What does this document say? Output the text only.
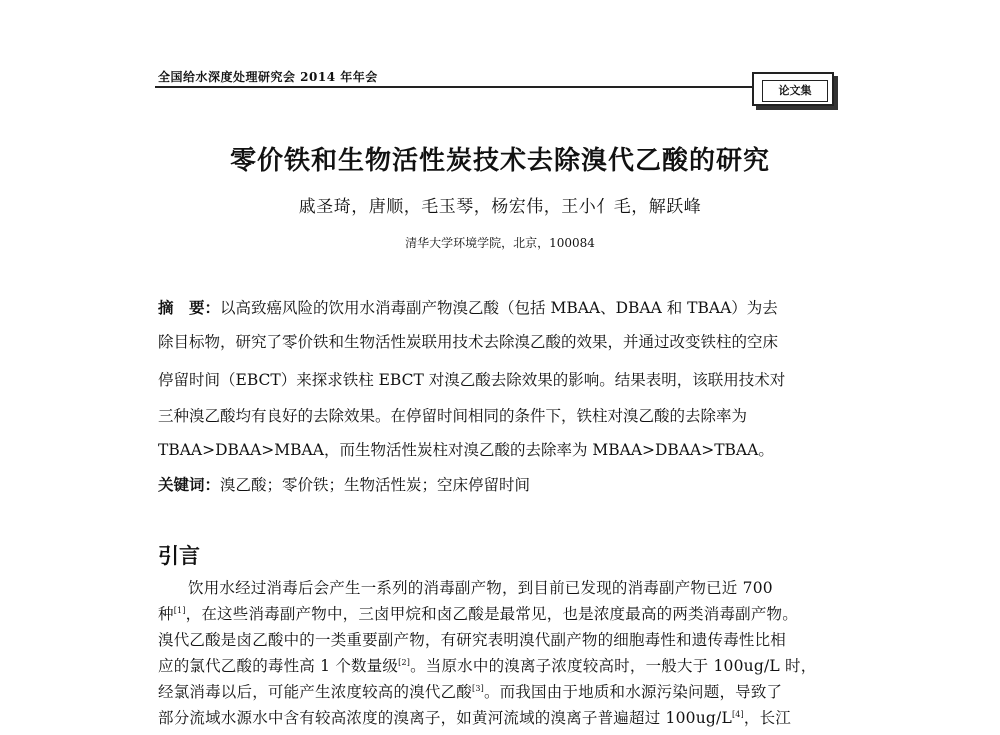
全国给水深度处理研究会 2014 年年会
论文集
零价铁和生物活性炭技术去除溴代乙酸的研究
戚圣琦，唐顺，毛玉琴，杨宏伟，王小亻毛，解跃峰
清华大学环境学院，北京，100084
摘　要：以高致癌风险的饮用水消毒副产物溴乙酸（包括 MBAA、DBAA 和 TBAA）为去
除目标物，研究了零价铁和生物活性炭联用技术去除溴乙酸的效果，并通过改变铁柱的空床
停留时间（EBCT）来探求铁柱 EBCT 对溴乙酸去除效果的影响。结果表明，该联用技术对
三种溴乙酸均有良好的去除效果。在停留时间相同的条件下，铁柱对溴乙酸的去除率为
TBAA>DBAA>MBAA，而生物活性炭柱对溴乙酸的去除率为 MBAA>DBAA>TBAA。
关键词：溴乙酸；零价铁；生物活性炭；空床停留时间
引言
饮用水经过消毒后会产生一系列的消毒副产物，到目前已发现的消毒副产物已近 700
种[1]，在这些消毒副产物中，三卤甲烷和卤乙酸是最常见，也是浓度最高的两类消毒副产物。
溴代乙酸是卤乙酸中的一类重要副产物，有研究表明溴代副产物的细胞毒性和遗传毒性比相
应的氯代乙酸的毒性高 1 个数量级[2]。当原水中的溴离子浓度较高时，一般大于 100ug/L 时，
经氯消毒以后，可能产生浓度较高的溴代乙酸[3]。而我国由于地质和水源污染问题，导致了
部分流域水源水中含有较高浓度的溴离子，如黄河流域的溴离子普遍超过 100ug/L[4]，长江
